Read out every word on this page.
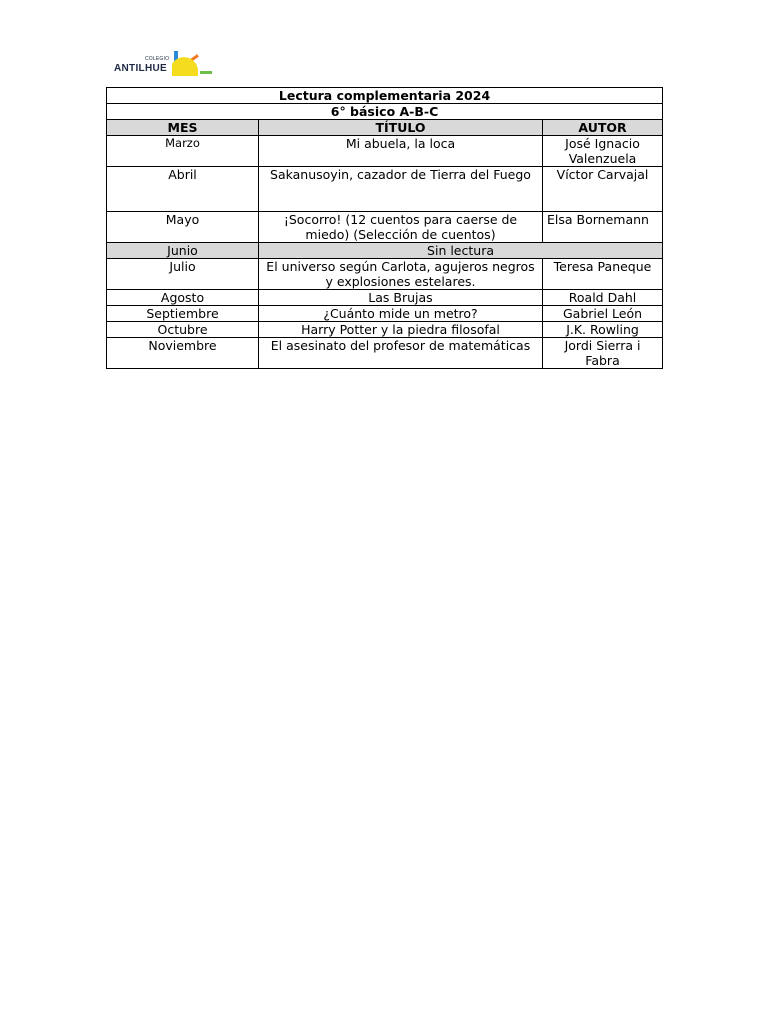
COLEGIO
ANTILHUE
Lectura complementaria 2024		
6° básico A-B-C		
MES	TÍTULO	AUTOR
Marzo	Mi abuela, la loca	José Ignacio Valenzuela
Abril	Sakanusoyin, cazador de Tierra del Fuego	Víctor Carvajal
Mayo	¡Socorro! (12 cuentos para caerse de miedo) (Selección de cuentos)	Elsa Bornemann
Junio	Sin lectura	
Julio	El universo según Carlota, agujeros negros y explosiones estelares.	Teresa Paneque
Agosto	Las Brujas	Roald Dahl
Septiembre	¿Cuánto mide un metro?	Gabriel León
Octubre	Harry Potter y la piedra filosofal	J.K. Rowling
Noviembre	El asesinato del profesor de matemáticas	Jordi Sierra i Fabra
